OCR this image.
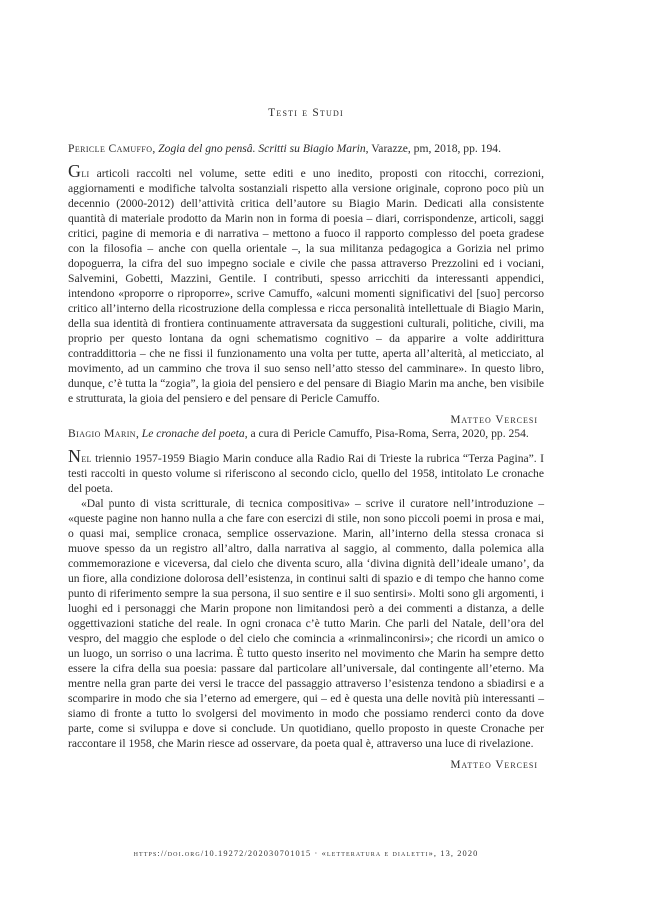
Testi e Studi
Pericle Camuffo, Zogia del gno pensâ. Scritti su Biagio Marin, Varazze, pm, 2018, pp. 194.

Gli articoli raccolti nel volume, sette editi e uno inedito, proposti con ritocchi, correzioni, aggiornamenti e modifiche talvolta sostanziali rispetto alla versione originale, coprono poco più un decennio (2000-2012) dell’attività critica dell’autore su Biagio Marin. Dedicati alla consistente quantità di materiale prodotto da Marin non in forma di poesia – diari, corrispondenze, articoli, saggi critici, pagine di memoria e di narrativa – mettono a fuoco il rapporto complesso del poeta gradese con la filosofia – anche con quella orientale –, la sua militanza pedagogica a Gorizia nel primo dopoguerra, la cifra del suo impegno sociale e civile che passa attraverso Prezzolini ed i vociani, Salvemini, Gobetti, Mazzini, Gentile. I contributi, spesso arricchiti da interessanti appendici, intendono «proporre o riproporre», scrive Camuffo, «alcuni momenti significativi del [suo] percorso critico all’interno della ricostruzione della complessa e ricca personalità intellettuale di Biagio Marin, della sua identità di frontiera continuamente attraversata da suggestioni culturali, politiche, civili, ma proprio per questo lontana da ogni schematismo cognitivo – da apparire a volte addirittura contraddittoria – che ne fissi il funzionamento una volta per tutte, aperta all’alterità, al meticciato, al movimento, ad un cammino che trova il suo senso nell’atto stesso del camminare». In questo libro, dunque, c’è tutta la “zogia”, la gioia del pensiero e del pensare di Biagio Marin ma anche, ben visibile e strutturata, la gioia del pensiero e del pensare di Pericle Camuffo.

Matteo Vercesi
Biagio Marin, Le cronache del poeta, a cura di Pericle Camuffo, Pisa-Roma, Serra, 2020, pp. 254.

Nel triennio 1957-1959 Biagio Marin conduce alla Radio Rai di Trieste la rubrica “Terza Pagina”. I testi raccolti in questo volume si riferiscono al secondo ciclo, quello del 1958, intitolato Le cronache del poeta.

«Dal punto di vista scritturale, di tecnica compositiva» – scrive il curatore nell’introduzione – «queste pagine non hanno nulla a che fare con esercizi di stile, non sono piccoli poemi in prosa e mai, o quasi mai, semplice cronaca, semplice osservazione. Marin, all’interno della stessa cronaca si muove spesso da un registro all’altro, dalla narrativa al saggio, al commento, dalla polemica alla commemorazione e viceversa, dal cielo che diventa scuro, alla ‘divina dignità dell’ideale umano’, da un fiore, alla condizione dolorosa dell’esistenza, in continui salti di spazio e di tempo che hanno come punto di riferimento sempre la sua persona, il suo sentire e il suo sentirsi». Molti sono gli argomenti, i luoghi ed i personaggi che Marin propone non limitandosi però a dei commenti a distanza, a delle oggettivazioni statiche del reale. In ogni cronaca c’è tutto Marin. Che parli del Natale, dell’ora del vespro, del maggio che esplode o del cielo che comincia a «rinmalinconirsi»; che ricordi un amico o un luogo, un sorriso o una lacrima. È tutto questo inserito nel movimento che Marin ha sempre detto essere la cifra della sua poesia: passare dal particolare all’universale, dal contingente all’eterno. Ma mentre nella gran parte dei versi le tracce del passaggio attraverso l’esistenza tendono a sbiadirsi e a scomparire in modo che sia l’eterno ad emergere, qui – ed è questa una delle novità più interessanti – siamo di fronte a tutto lo svolgersi del movimento in modo che possiamo renderci conto da dove parte, come si sviluppa e dove si conclude. Un quotidiano, quello proposto in queste Cronache per raccontare il 1958, che Marin riesce ad osservare, da poeta qual è, attraverso una luce di rivelazione.

Matteo Vercesi
https://doi.org/10.19272/202030701015 · «letteratura e dialetti», 13, 2020
